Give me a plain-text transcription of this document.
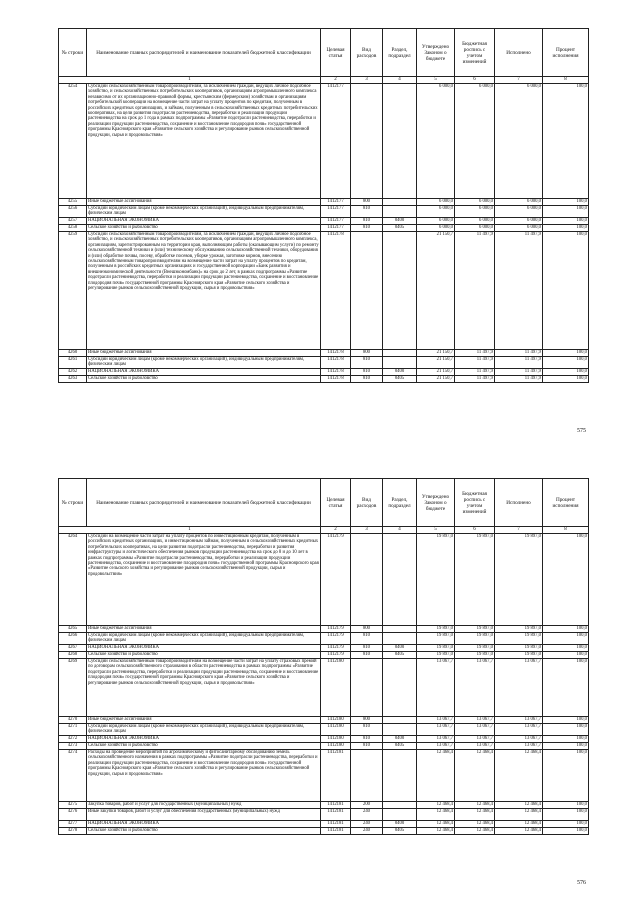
№ строки	Наименование главных распорядителей и наименование показателей бюджетной классификации	Целевая статья	Вид расходов	Раздел, подраздел	Утверждено Законом о бюджете	Бюджетная роспись с учетом изменений	Исполнено	Процент исполнения
1		2	3	4	5	6	7	8
4254	Субсидии сельскохозяйственным товаропроизводителям, за исключением граждан, ведущих личное подсобное хозяйство, и сельскохозяйственных потребительских кооперативов, организациям агропромышленного комплекса независимо от их организационно-правовой формы, крестьянским (фермерским) хозяйствам и организациям потребительской кооперации на возмещение части затрат на уплату процентов по кредитам, полученным в российских кредитных организациях, и займам, полученным в сельскохозяйственных кредитных потребительских кооперативах, на цели развития подотрасли растениеводства, переработки и реализации продукции растениеводства на срок до 1 года в рамках подпрограммы «Развитие подотрасли растениеводства, переработки и реализации продукции растениеводства, сохранение и восстановление плодородия почв» государственной программы Красноярского края «Развитие сельского хозяйства и регулирование рынков сельскохозяйственной продукции, сырья и продовольствия»	1412177			6 000,0	6 000,0	6 000,0	100,0
4255	Иные бюджетные ассигнования	1412177	800		6 000,0	6 000,0	6 000,0	100,0
4256	Субсидии юридическим лицам (кроме некоммерческих организаций), индивидуальным предпринимателям, физическим лицам	1412177	810		6 000,0	6 000,0	6 000,0	100,0
4257	НАЦИОНАЛЬНАЯ ЭКОНОМИКА	1412177	810	0400	6 000,0	6 000,0	6 000,0	100,0
4258	Сельское хозяйство и рыболовство	1412177	810	0405	6 000,0	6 000,0	6 000,0	100,0
4259	Субсидии сельскохозяйственным товаропроизводителям, за исключением граждан, ведущих личное подсобное хозяйство, и сельскохозяйственных потребительских кооперативов, организациям агропромышленного комплекса, организациям, зарегистрированным на территории края, выполняющим работы (оказывающим услуги) по ремонту сельскохозяйственной техники и (или) техническому обслуживанию сельскохозяйственной техники, оборудования и (или) обработке почвы, посеву, обработке посевов, уборке урожая, заготовке кормов, внесению сельскохозяйственным товаропроизводителям на возмещение части затрат на уплату процентов по кредитам, полученным в российских кредитных организациях и государственной корпорации «Банк развития и внешнеэкономической деятельности (Внешэкономбанк)» на срок до 2 лет, в рамках подпрограммы «Развитие подотрасли растениеводства, переработки и реализации продукции растениеводства, сохранение и восстановление плодородия почв» государственной программы Красноярского края «Развитие сельского хозяйства и регулирование рынков сельскохозяйственной продукции, сырья и продовольствия»	1412178			21 150,7	11 497,9	11 497,9	100,0
4260	Иные бюджетные ассигнования	1412178	800		21 150,7	11 497,9	11 497,9	100,0
4261	Субсидии юридическим лицам (кроме некоммерческих организаций), индивидуальным предпринимателям, физическим лицам	1412178	810		21 150,7	11 497,9	11 497,9	100,0
4262	НАЦИОНАЛЬНАЯ ЭКОНОМИКА	1412178	810	0400	21 150,7	11 497,9	11 497,9	100,0
4263	Сельское хозяйство и рыболовство	1412178	810	0405	21 150,7	11 497,9	11 497,9	100,0
575
№ строки	Наименование главных распорядителей и наименование показателей бюджетной классификации	Целевая статья	Вид расходов	Раздел, подраздел	Утверждено Законом о бюджете	Бюджетная роспись с учетом изменений	Исполнено	Процент исполнения
1		2	3	4	5	6	7	8
4264	Субсидии на возмещение части затрат на уплату процентов по инвестиционным кредитам, полученным в российских кредитных организациях, и инвестиционным займам, полученным в сельскохозяйственных кредитных потребительских кооперативах, на цели развития подотрасли растениеводства, переработки и развития инфраструктуры и логистического обеспечения рынков продукции растениеводства на срок до 8 и до 10 лет в рамках подпрограммы «Развитие подотрасли растениеводства, переработки и реализации продукции растениеводства, сохранение и восстановление плодородия почв» государственной программы Красноярского края «Развитие сельского хозяйства и регулирование рынков сельскохозяйственной продукции, сырья и продовольствия»	1412179			19 897,0	19 897,0	19 897,0	100,0
4265	Иные бюджетные ассигнования	1412179	800		19 897,0	19 897,0	19 897,0	100,0
4266	Субсидии юридическим лицам (кроме некоммерческих организаций), индивидуальным предпринимателям, физическим лицам	1412179	810		19 897,0	19 897,0	19 897,0	100,0
4267	НАЦИОНАЛЬНАЯ ЭКОНОМИКА	1412179	810	0400	19 897,0	19 897,0	19 897,0	100,0
4268	Сельское хозяйство и рыболовство	1412179	810	0405	19 897,0	19 897,0	19 897,0	100,0
4269	Субсидии сельскохозяйственным товаропроизводителям на возмещение части затрат на уплату страховых премий по договорам сельскохозяйственного страхования в области растениеводства в рамках подпрограммы «Развитие подотрасли растениеводства, переработки и реализации продукции растениеводства, сохранение и восстановление плодородия почв» государственной программы Красноярского края «Развитие сельского хозяйства и регулирование рынков сельскохозяйственной продукции, сырья и продовольствия»	1412180			13 067,7	13 067,7	13 067,7	100,0
4270	Иные бюджетные ассигнования	1412180	800		13 067,7	13 067,7	13 067,7	100,0
4271	Субсидии юридическим лицам (кроме некоммерческих организаций), индивидуальным предпринимателям, физическим лицам	1412180	810		13 067,7	13 067,7	13 067,7	100,0
4272	НАЦИОНАЛЬНАЯ ЭКОНОМИКА	1412180	810	0400	13 067,7	13 067,7	13 067,7	100,0
4273	Сельское хозяйство и рыболовство	1412180	810	0405	13 067,7	13 067,7	13 067,7	100,0
4274	Расходы на проведение мероприятий по агрохимическому и фитосанитарному обследованию земель сельскохозяйственного назначения в рамках подпрограммы «Развитие подотрасли растениеводства, переработки и реализации продукции растениеводства, сохранение и восстановление плодородия почв» государственной программы Красноярского края «Развитие сельского хозяйства и регулирование рынков сельскохозяйственной продукции, сырья и продовольствия»	1412181			12 468,4	12 468,4	12 468,4	100,0
4275	Закупка товаров, работ и услуг для государственных (муниципальных) нужд	1412181	200		12 468,4	12 468,4	12 468,4	100,0
4276	Иные закупки товаров, работ и услуг для обеспечения государственных (муниципальных) нужд	1412181	240		12 468,4	12 468,4	12 468,4	100,0
4277	НАЦИОНАЛЬНАЯ ЭКОНОМИКА	1412181	240	0400	12 468,4	12 468,4	12 468,4	100,0
4278	Сельское хозяйство и рыболовство	1412181	240	0405	12 468,4	12 468,4	12 468,4	100,0
576
